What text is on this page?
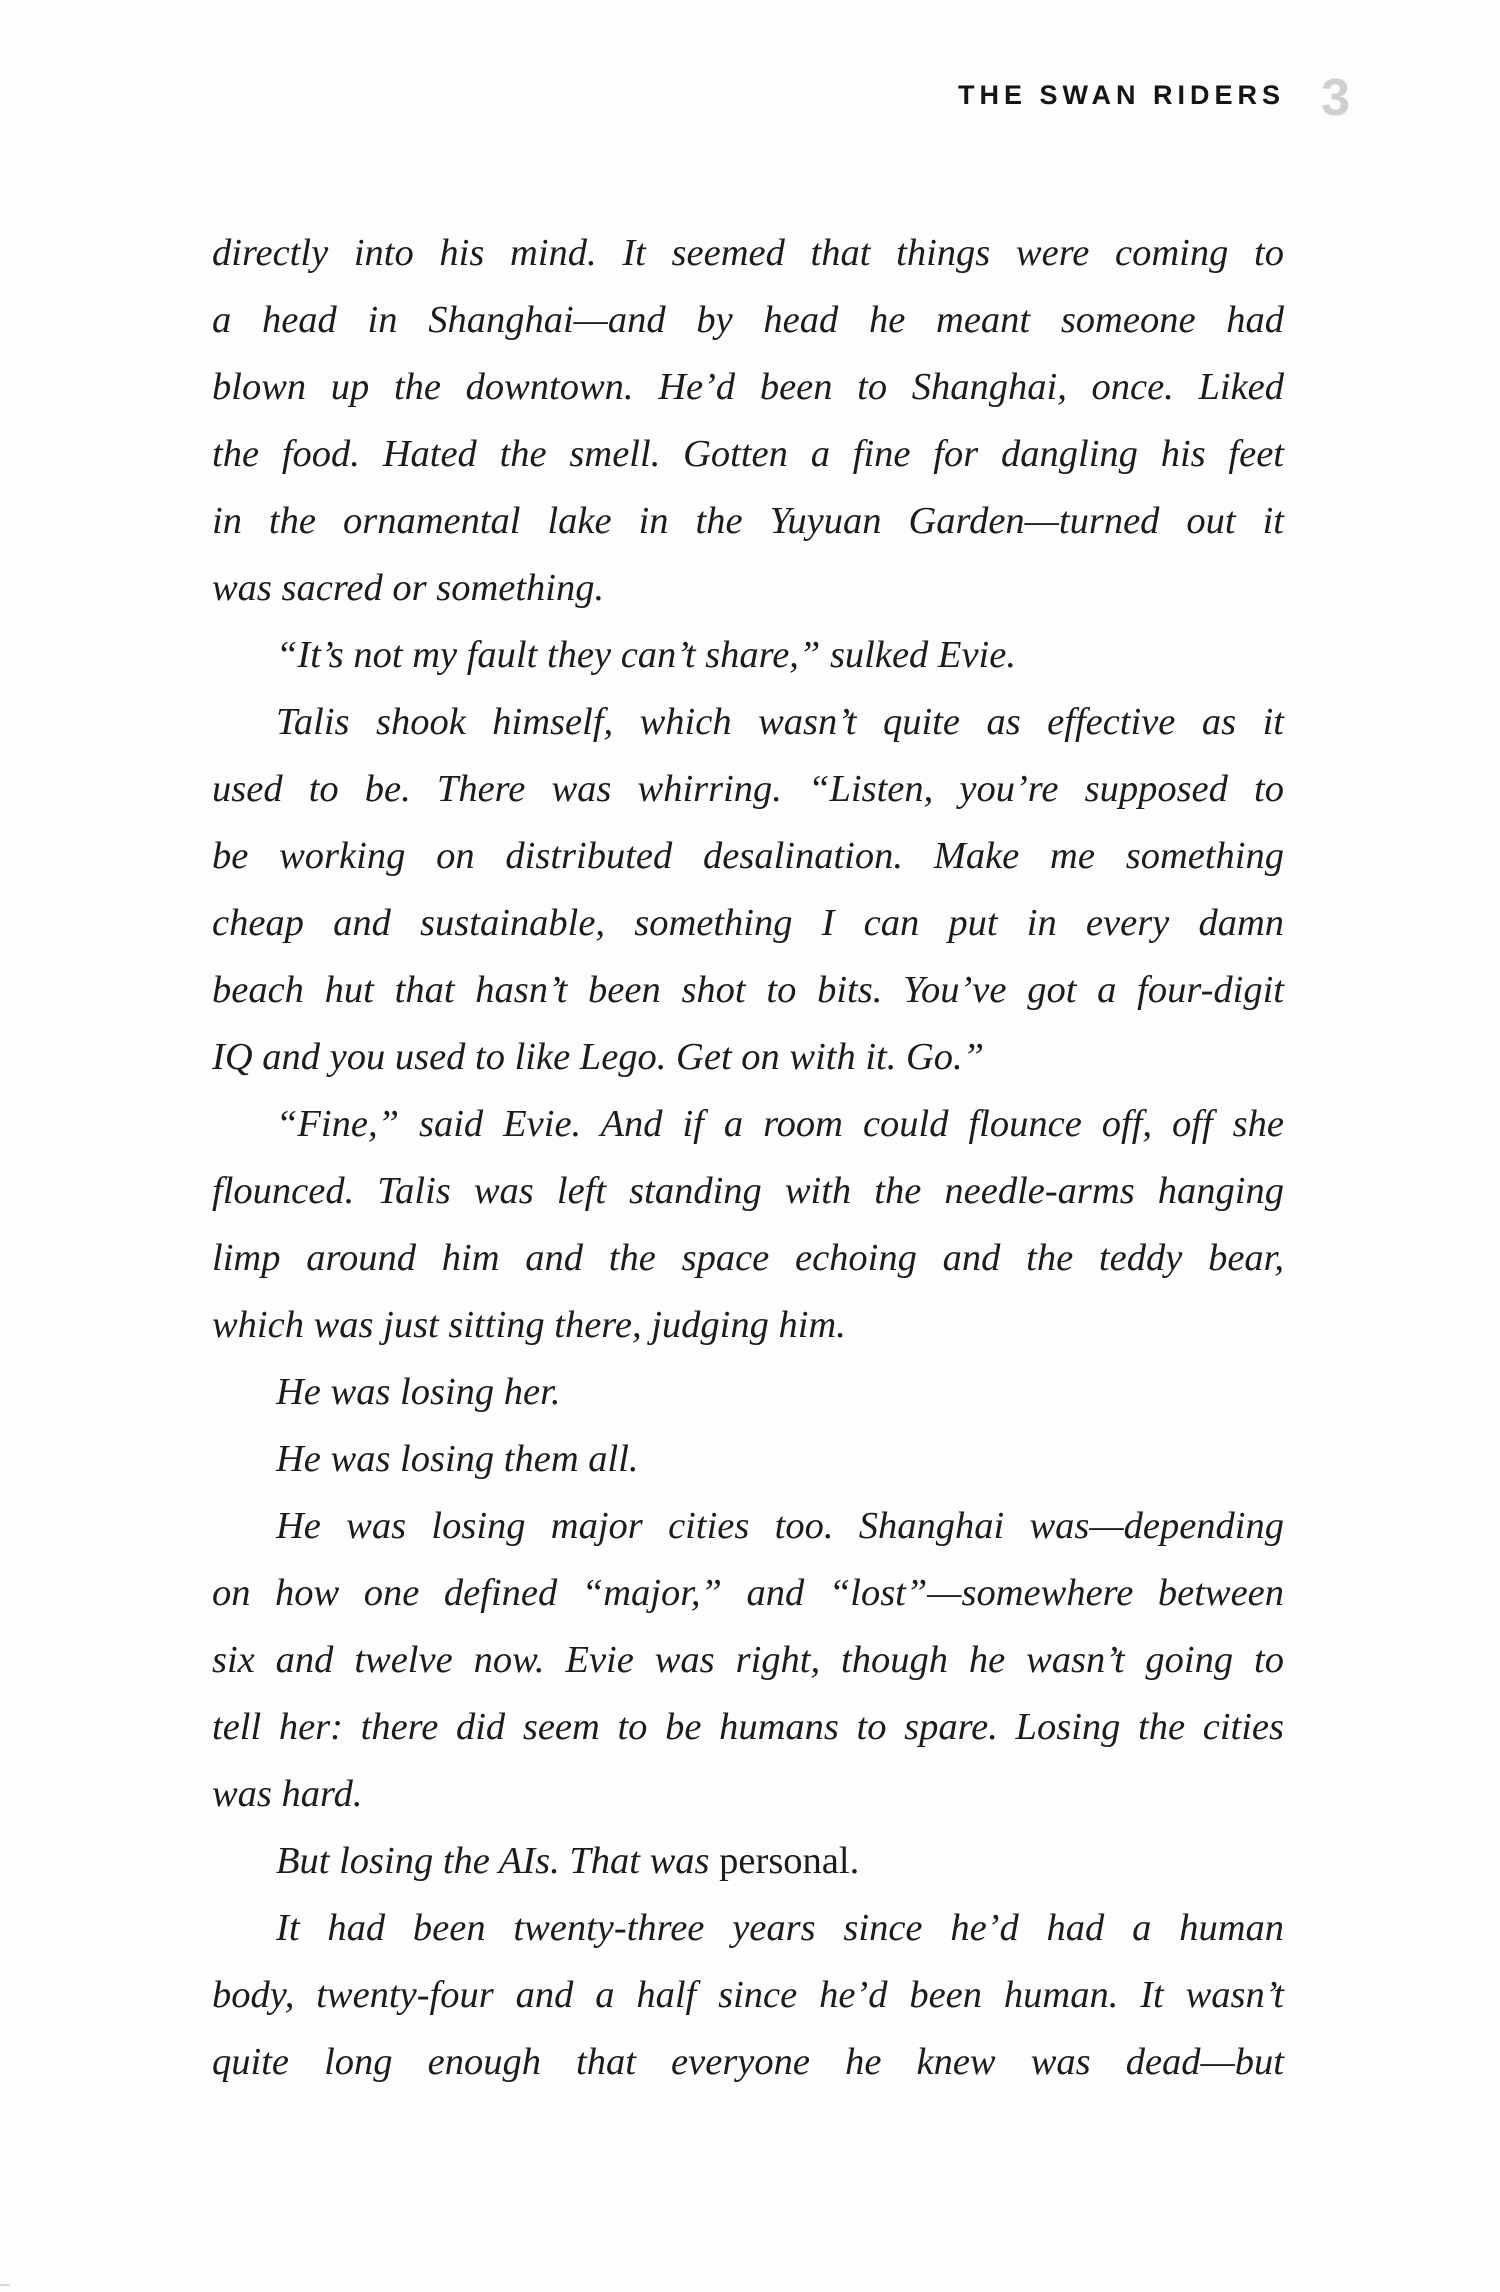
THE SWAN RIDERS 3
directly into his mind. It seemed that things were coming to
a head in Shanghai—and by head he meant someone had
blown up the downtown. He’d been to Shanghai, once. Liked
the food. Hated the smell. Gotten a fine for dangling his feet
in the ornamental lake in the Yuyuan Garden—turned out it
was sacred or something.
“It’s not my fault they can’t share,” sulked Evie.
Talis shook himself, which wasn’t quite as effective as it
used to be. There was whirring. “Listen, you’re supposed to
be working on distributed desalination. Make me something
cheap and sustainable, something I can put in every damn
beach hut that hasn’t been shot to bits. You’ve got a four-digit
IQ and you used to like Lego. Get on with it. Go.”
“Fine,” said Evie. And if a room could flounce off, off she
flounced. Talis was left standing with the needle-arms hanging
limp around him and the space echoing and the teddy bear,
which was just sitting there, judging him.
He was losing her.
He was losing them all.
He was losing major cities too. Shanghai was—depending
on how one defined “major,” and “lost”—somewhere between
six and twelve now. Evie was right, though he wasn’t going to
tell her: there did seem to be humans to spare. Losing the cities
was hard.
But losing the AIs. That was personal.
It had been twenty-three years since he’d had a human
body, twenty-four and a half since he’d been human. It wasn’t
quite long enough that everyone he knew was dead—but
